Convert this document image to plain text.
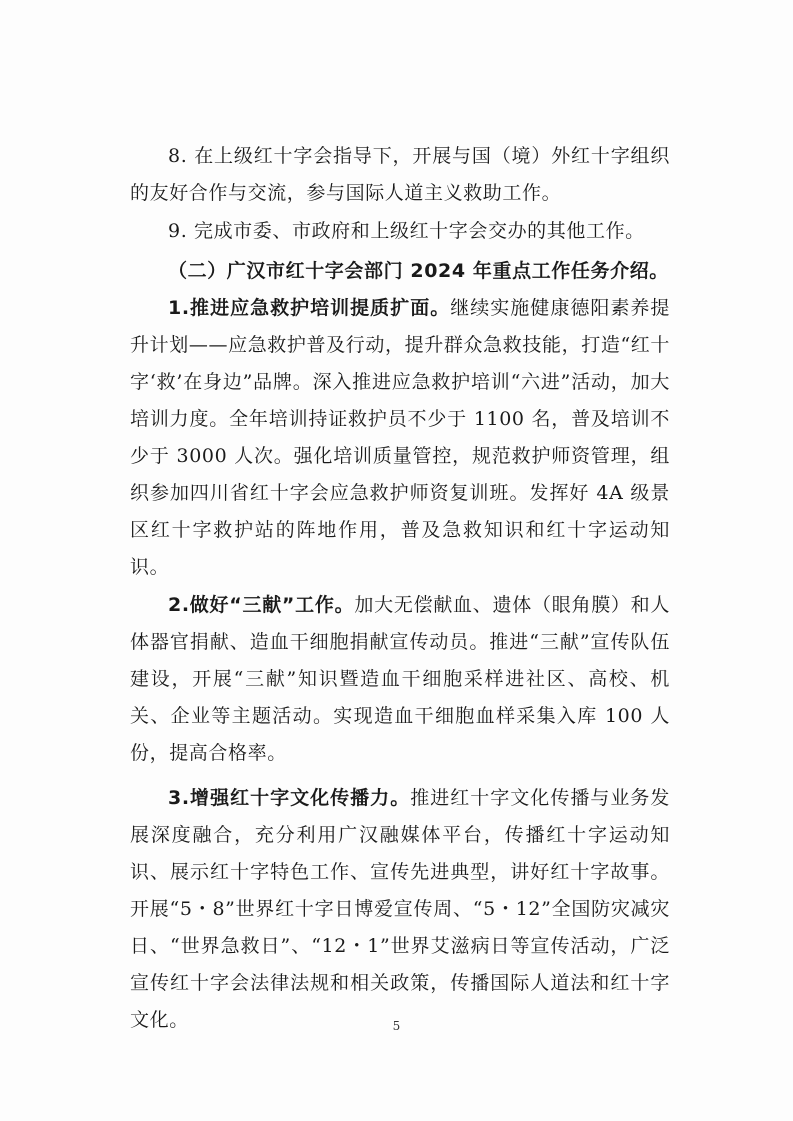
8. 在上级红十字会指导下，开展与国（境）外红十字组织的友好合作与交流，参与国际人道主义救助工作。

9. 完成市委、市政府和上级红十字会交办的其他工作。

（二）广汉市红十字会部门 2024 年重点工作任务介绍。

1.推进应急救护培训提质扩面。继续实施健康德阳素养提升计划——应急救护普及行动，提升群众急救技能，打造“红十字‘救’在身边”品牌。深入推进应急救护培训“六进”活动，加大培训力度。全年培训持证救护员不少于 1100 名，普及培训不少于 3000 人次。强化培训质量管控，规范救护师资管理，组织参加四川省红十字会应急救护师资复训班。发挥好 4A 级景区红十字救护站的阵地作用，普及急救知识和红十字运动知识。

2.做好“三献”工作。加大无偿献血、遗体（眼角膜）和人体器官捐献、造血干细胞捐献宣传动员。推进“三献”宣传队伍建设，开展“三献”知识暨造血干细胞采样进社区、高校、机关、企业等主题活动。实现造血干细胞血样采集入库 100 人份，提高合格率。

3.增强红十字文化传播力。推进红十字文化传播与业务发展深度融合，充分利用广汉融媒体平台，传播红十字运动知识、展示红十字特色工作、宣传先进典型，讲好红十字故事。开展“5・8”世界红十字日博爱宣传周、“5・12”全国防灾减灾日、“世界急救日”、“12・1”世界艾滋病日等宣传活动，广泛宣传红十字会法律法规和相关政策，传播国际人道法和红十字文化。	5
